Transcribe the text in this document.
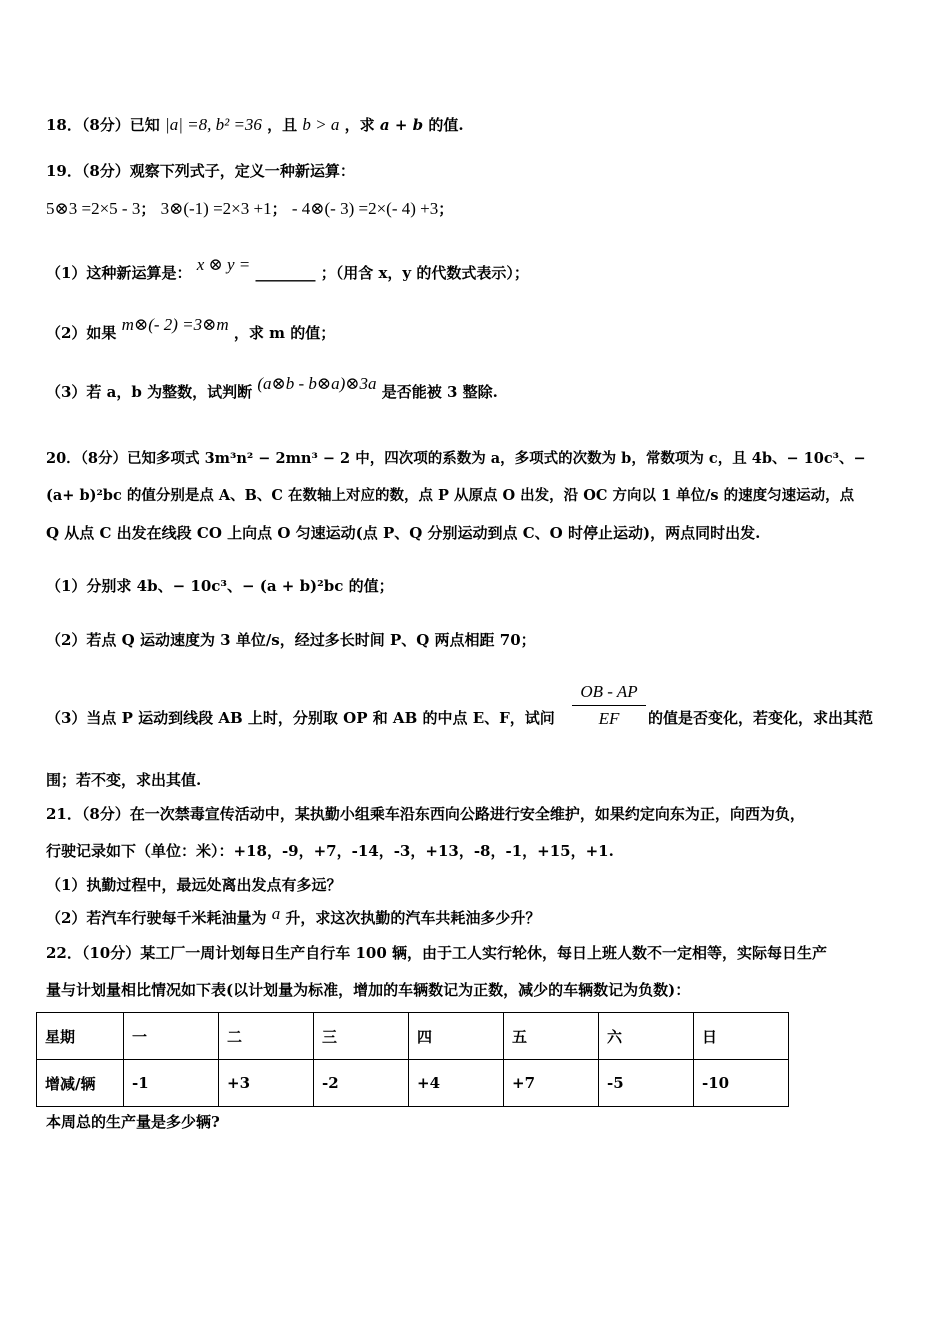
18．（8分）已知 |a| =8, b² =36 ，且 b > a ，求 a + b 的值.
19．（8分）观察下列式子，定义一种新运算：
5⊗3 =2×5 - 3； 3⊗(-1) =2×3 +1； - 4⊗(- 3) =2×(- 4) +3；
（1）这种新运算是： x ⊗ y = ________ ；（用含 x，y 的代数式表示）；
（2）如果 m⊗(- 2) =3⊗m ，求 m 的值；
（3）若 a，b 为整数，试判断 (a⊗b - b⊗a)⊗3a 是否能被 3 整除.
20．（8分）已知多项式 3m³n² − 2mn³ − 2 中，四次项的系数为 a，多项式的次数为 b，常数项为 c，且 4b、− 10c³、−
(a+ b)²bc 的值分别是点 A、B、C 在数轴上对应的数，点 P 从原点 O 出发，沿 OC 方向以 1 单位/s 的速度匀速运动，点
Q 从点 C 出发在线段 CO 上向点 O 匀速运动(点 P、Q 分别运动到点 C、O 时停止运动)，两点同时出发.
（1）分别求 4b、− 10c³、− (a + b)²bc 的值；
（2）若点 Q 运动速度为 3 单位/s，经过多长时间 P、Q 两点相距 70；
（3）当点 P 运动到线段 AB 上时，分别取 OP 和 AB 的中点 E、F，试问 $\frac{OB - AP}{EF}$ 的值是否变化，若变化，求出其范
围；若不变，求出其值.
21．（8分）在一次禁毒宣传活动中，某执勤小组乘车沿东西向公路进行安全维护，如果约定向东为正，向西为负，
行驶记录如下（单位：米）：+18，-9，+7，-14，-3，+13，-8，-1，+15，+1.
（1）执勤过程中，最远处离出发点有多远？
（2）若汽车行驶每千米耗油量为 a 升，求这次执勤的汽车共耗油多少升？
22．（10分）某工厂一周计划每日生产自行车 100 辆，由于工人实行轮休，每日上班人数不一定相等，实际每日生产
量与计划量相比情况如下表(以计划量为标准，增加的车辆数记为正数，减少的车辆数记为负数)：
星期	一	二	三	四	五	六	日
增减/辆	-1	+3	-2	+4	+7	-5	-10
本周总的生产量是多少辆?
